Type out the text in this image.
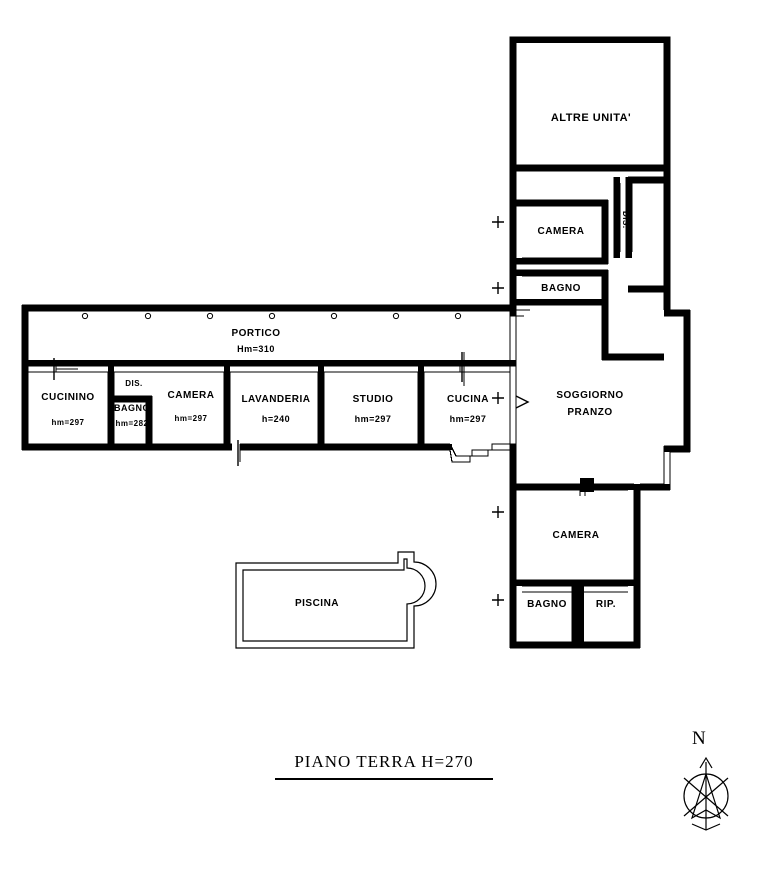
ALTRE UNITA'
CAMERA
DIS.
BAGNO
SOGGIORNO
PRANZO
CAMERA
BAGNO	RIP.
PORTICO
Hm=310
CUCININO
hm=297
DIS.
BAGNO
hm=282
CAMERA
hm=297
LAVANDERIA
h=240
STUDIO
hm=297
CUCINA
hm=297
PISCINA
PIANO TERRA H=270
N
